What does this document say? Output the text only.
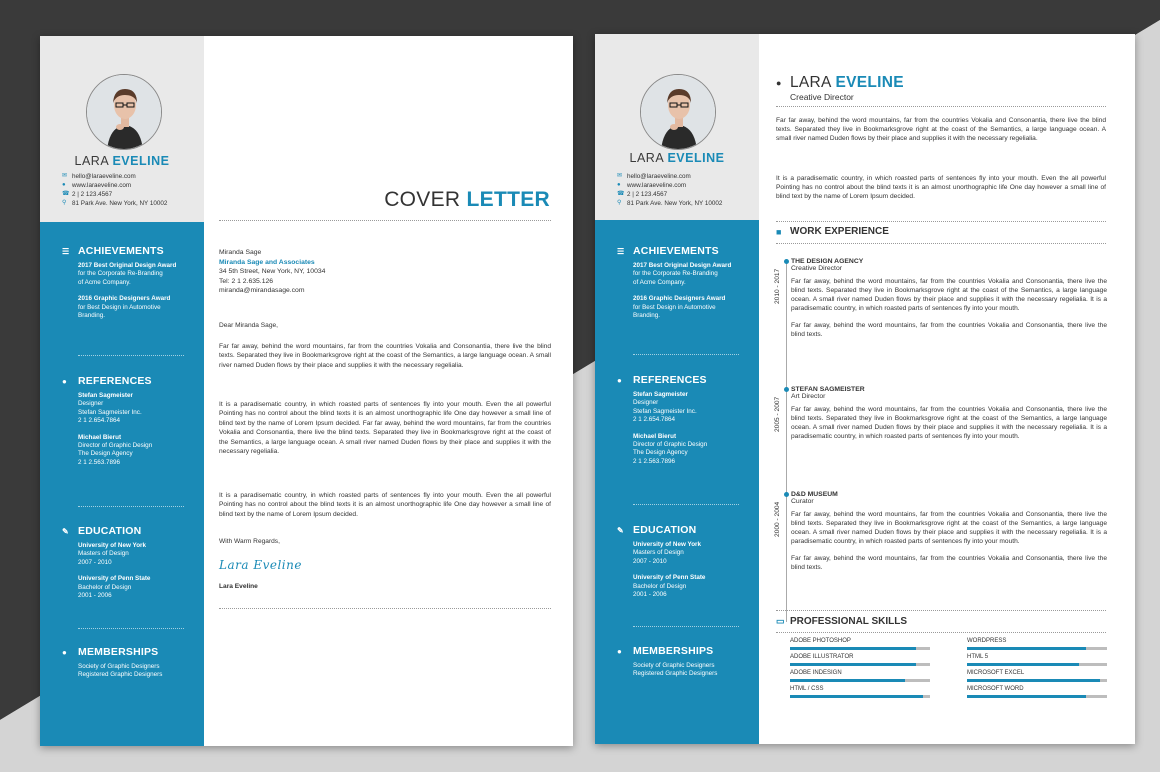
LARA EVELINE
✉ hello@laraeveline.com
●	www.laraeveline.com
☎ 2 | 2 123.4567
⚲ 81 Park Ave. New York, NY 10002
☰ ACHIEVEMENTS
2017 Best Original Design Award
for the Corporate Re-Branding
of Acme Company.
2016 Graphic Designers Award
for Best Design in Automotive
Branding.
●	REFERENCES
Stefan Sagmeister
Designer
Stefan Sagmeister Inc.
2 1 2.654.7864
Michael Bierut
Director of Graphic Design
The Design Agency
2 1 2.563.7896
✎ EDUCATION
University of New York
Masters of Design
2007 - 2010
University of Penn State
Bachelor of Design
2001 - 2006
●	MEMBERSHIPS
Society of Graphic Designers
Registered Graphic Designers
COVER LETTER
Miranda Sage
Miranda Sage and Associates
34 5th Street, New York, NY, 10034
Tel: 2 1 2.635.126
miranda@mirandasage.com
Dear Miranda Sage,
Far far away, behind the word mountains, far from the countries Vokalia and Consonantia, there live the blind texts. Separated they live in Bookmarksgrove right at the coast of the Semantics, a large language ocean. A small river named Duden flows by their place and supplies it with the necessary regelialia.
It is a paradisematic country, in which roasted parts of sentences fly into your mouth. Even the all powerful Pointing has no control about the blind texts it is an almost unorthographic life One day however a small line of blind text by the name of Lorem Ipsum decided. Far far away, behind the word mountains, far from the countries Vokalia and Consonantia, there live the blind texts. Separated they live in Bookmarksgrove right at the coast of the Semantics, a large language ocean. A small river named Duden flows by their place and supplies it with the necessary regelialia.
It is a paradisematic country, in which roasted parts of sentences fly into your mouth. Even the all powerful Pointing has no control about the blind texts it is an almost unorthographic life One day however a small line of blind text by the name of Lorem Ipsum decided.
With Warm Regards,
Lara Eveline
Lara Eveline
LARA EVELINE
✉ hello@laraeveline.com
●	www.laraeveline.com
☎ 2 | 2 123.4567
⚲ 81 Park Ave. New York, NY 10002
☰ ACHIEVEMENTS
2017 Best Original Design Award
for the Corporate Re-Branding
of Acme Company.
2016 Graphic Designers Award
for Best Design in Automotive
Branding.
●	REFERENCES
Stefan Sagmeister
Designer
Stefan Sagmeister Inc.
2 1 2.654.7864
Michael Bierut
Director of Graphic Design
The Design Agency
2 1 2.563.7896
✎ EDUCATION
University of New York
Masters of Design
2007 - 2010
University of Penn State
Bachelor of Design
2001 - 2006
●	MEMBERSHIPS
Society of Graphic Designers
Registered Graphic Designers
● LARA EVELINE
Creative Director
Far far away, behind the word mountains, far from the countries Vokalia and Consonantia, there live the blind texts. Separated they live in Bookmarksgrove right at the coast of the Semantics, a large language ocean. A small river named Duden flows by their place and supplies it with the necessary regelialia.
It is a paradisematic country, in which roasted parts of sentences fly into your mouth. Even the all powerful Pointing has no control about the blind texts it is an almost unorthographic life One day however a small line of blind text by the name of Lorem Ipsum decided.
■ WORK EXPERIENCE
2010 - 2017
2005 - 2007
2000 - 2004
THE DESIGN AGENCY
Creative Director

Far far away, behind the word mountains, far from the countries Vokalia and Consonantia, there live the blind texts. Separated they live in Bookmarksgrove right at the coast of the Semantics, a large language ocean. A small river named Duden flows by their place and supplies it with the necessary regelialia. It is a paradisematic country, in which roasted parts of sentences fly into your mouth.

Far far away, behind the word mountains, far from the countries Vokalia and Consonantia, there live the blind texts.

STEFAN SAGMEISTER
Art Director

Far far away, behind the word mountains, far from the countries Vokalia and Consonantia, there live the blind texts. Separated they live in Bookmarksgrove right at the coast of the Semantics, a large language ocean. A small river named Duden flows by their place and supplies it with the necessary regelialia. It is a paradisematic country, in which roasted parts of sentences fly into your mouth.

D&D MUSEUM
Curator

Far far away, behind the word mountains, far from the countries Vokalia and Consonantia, there live the blind texts. Separated they live in Bookmarksgrove right at the coast of the Semantics, a large language ocean. A small river named Duden flows by their place and supplies it with the necessary regelialia. It is a paradisematic country, in which roasted parts of sentences fly into your mouth.

Far far away, behind the word mountains, far from the countries Vokalia and Consonantia, there live the blind texts.

▭ PROFESSIONAL SKILLS
ADOBE PHOTOSHOP	WORDPRESS
ADOBE ILLUSTRATOR	HTML 5
ADOBE INDESIGN	MICROSOFT EXCEL
HTML / CSS	MICROSOFT WORD
